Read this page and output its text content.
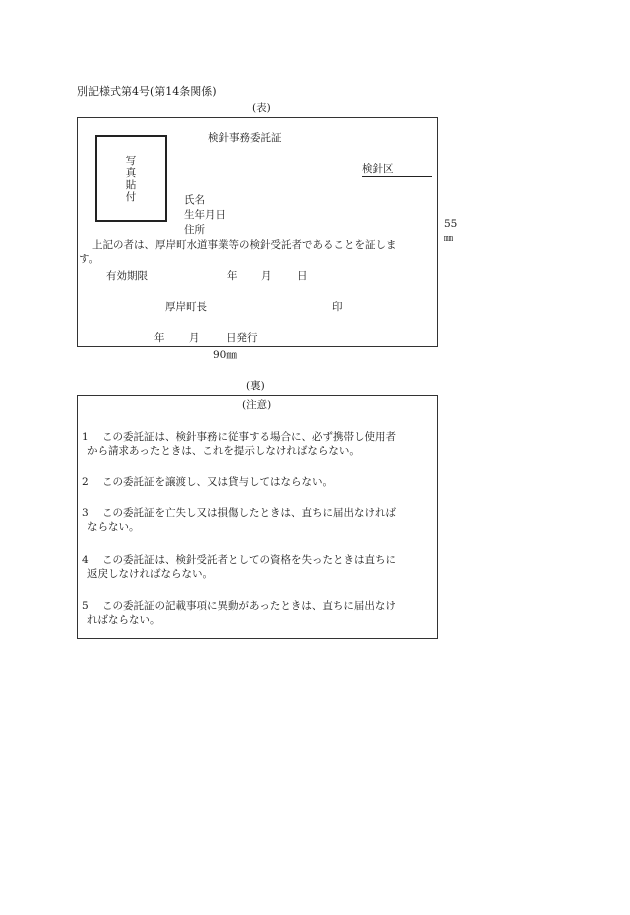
別記様式第4号(第14条関係)
(表)
検針事務委託証
写
真
貼
付
検針区
氏名
生年月日
住所
上記の者は、厚岸町水道事業等の検針受託者であることを証しま
す。
有効期限	年 月 日
厚岸町長	印
年 月	日発行
55
㎜
90㎜
(裏)
(注意)
1 この委託証は、検針事務に従事する場合に、必ず携帯し使用者
から請求あったときは、これを提示しなければならない。
2 この委託証を譲渡し、又は貸与してはならない。
3 この委託証を亡失し又は損傷したときは、直ちに届出なければ
ならない。
4 この委託証は、検針受託者としての資格を失ったときは直ちに
返戻しなければならない。
5 この委託証の記載事項に異動があったときは、直ちに届出なけ
ればならない。
